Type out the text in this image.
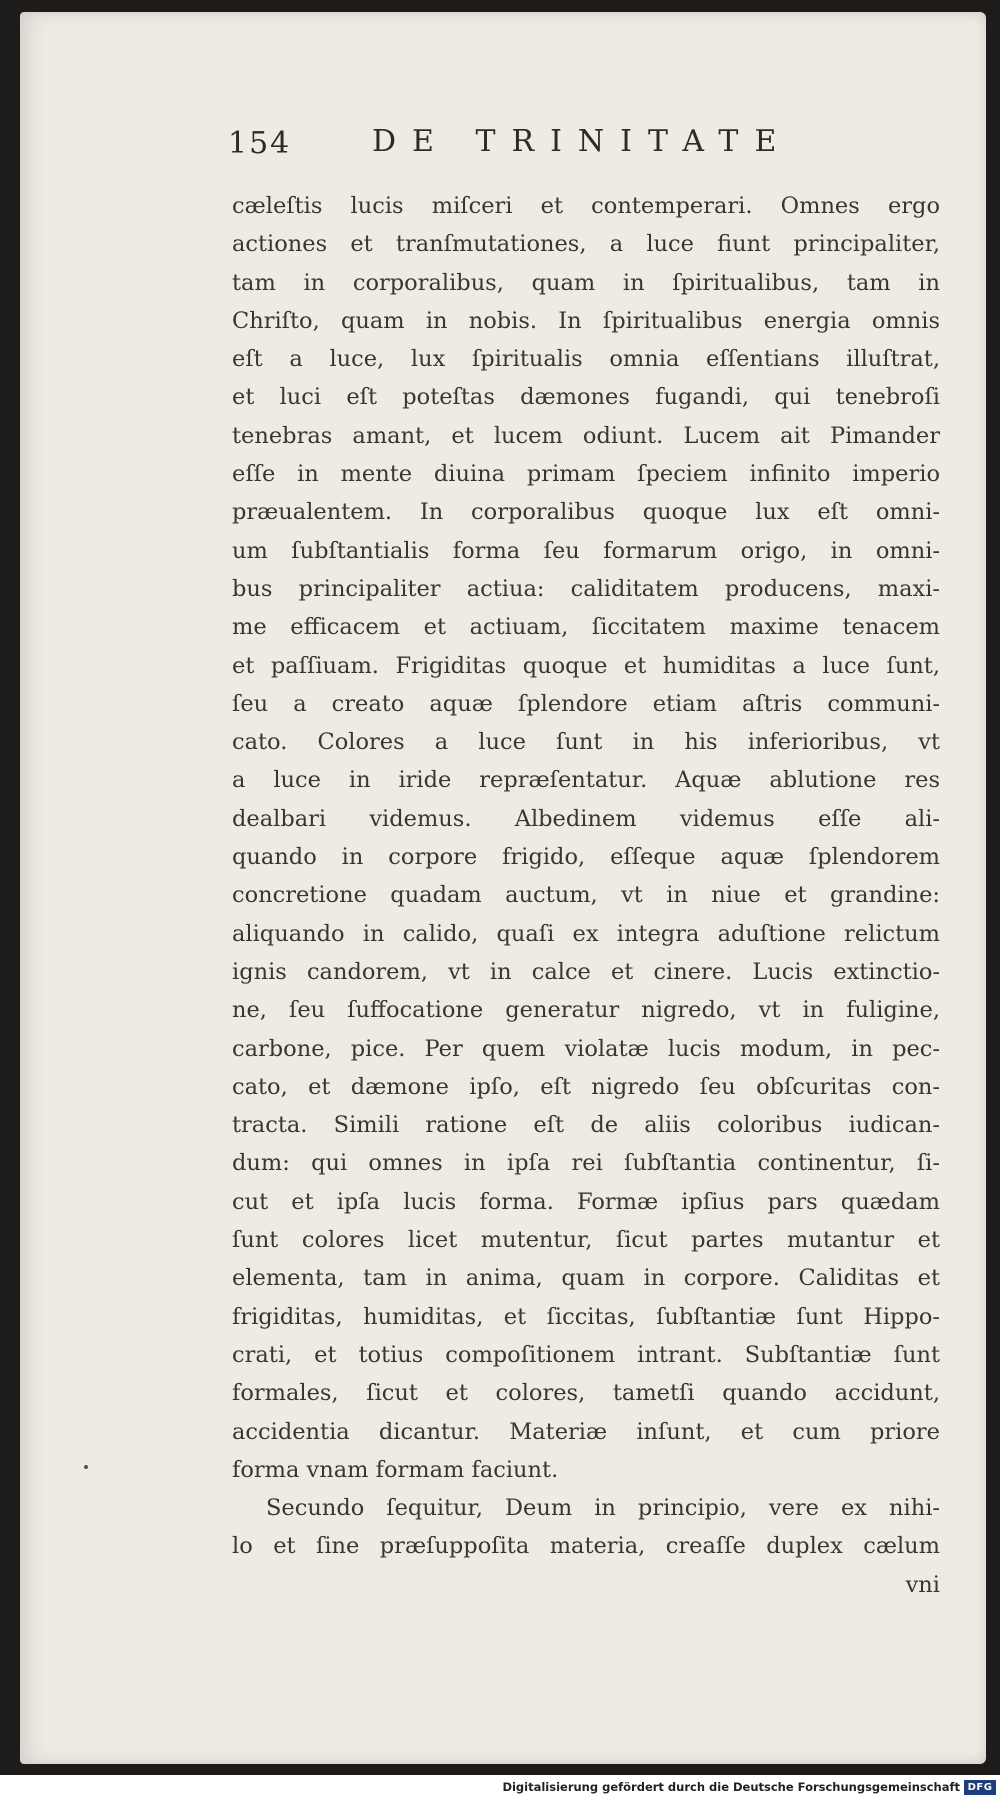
154	DE TRINITATE
cæleſtis lucis miſceri et contemperari. Omnes ergo
actiones et tranſmutationes, a luce fiunt principaliter,
tam in corporalibus, quam in ſpiritualibus, tam in
Chriſto, quam in nobis. In ſpiritualibus energia omnis
eſt a luce, lux ſpiritualis omnia eſſentians illuſtrat,
et luci eſt poteſtas dæmones fugandi, qui tenebroſi
tenebras amant, et lucem odiunt. Lucem ait Pimander
eſſe in mente diuina primam ſpeciem infinito imperio
præualentem. In corporalibus quoque lux eſt omni-
um ſubſtantialis forma ſeu formarum origo, in omni-
bus principaliter actiua: caliditatem producens, maxi-
me efficacem et actiuam, ſiccitatem maxime tenacem
et paſſiuam. Frigiditas quoque et humiditas a luce ſunt,
ſeu a creato aquæ ſplendore etiam aſtris communi-
cato. Colores a luce ſunt in his inferioribus, vt
a luce in iride repræſentatur. Aquæ ablutione res
dealbari videmus. Albedinem videmus eſſe ali-
quando in corpore frigido, eſſeque aquæ ſplendorem
concretione quadam auctum, vt in niue et grandine:
aliquando in calido, quaſi ex integra aduſtione relictum
ignis candorem, vt in calce et cinere. Lucis extinctio-
ne, ſeu ſuffocatione generatur nigredo, vt in fuligine,
carbone, pice. Per quem violatæ lucis modum, in pec-
cato, et dæmone ipſo, eſt nigredo ſeu obſcuritas con-
tracta. Simili ratione eſt de aliis coloribus iudican-
dum: qui omnes in ipſa rei ſubſtantia continentur, ſi-
cut et ipſa lucis forma. Formæ ipſius pars quædam
ſunt colores licet mutentur, ſicut partes mutantur et
elementa, tam in anima, quam in corpore. Caliditas et
frigiditas, humiditas, et ſiccitas, ſubſtantiæ ſunt Hippo-
crati, et totius compoſitionem intrant. Subſtantiæ ſunt
formales, ſicut et colores, tametſi quando accidunt,
accidentia dicantur. Materiæ inſunt, et cum priore
forma vnam formam faciunt.
Secundo ſequitur, Deum in principio, vere ex nihi-
lo et ſine præſuppoſita materia, creaſſe duplex cælum
vni
Digitalisierung gefördert durch die Deutsche Forschungsgemeinschaft DFG
